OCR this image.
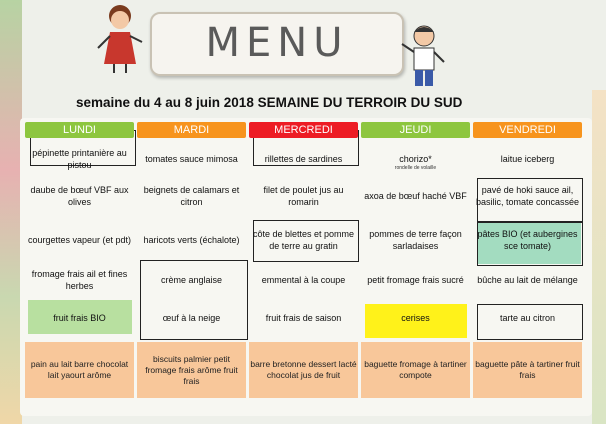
MENU
semaine du 4 au 8 juin 2018 SEMAINE DU TERROIR DU SUD
LUNDI
pépinette printanière au pistou
daube de bœuf VBF aux olives
courgettes vapeur (et pdt)
fromage frais ail et fines herbes
fruit frais BIO
pain au lait barre chocolat lait yaourt arôme
MARDI
tomates sauce mimosa
beignets de calamars et citron
haricots verts (échalote)
crème anglaise
œuf à la neige
biscuits palmier petit fromage frais arôme fruit frais
MERCREDI
rillettes de sardines
filet de poulet jus au romarin
côte de blettes et pomme de terre au gratin
emmental à la coupe
fruit frais de saison
barre bretonne dessert lacté chocolat jus de fruit
JEUDI
chorizo*
axoa de bœuf haché VBF
pommes de terre façon sarladaises
petit fromage frais sucré
cerises
baguette fromage à tartiner compote
VENDREDI
laitue iceberg
pavé de hoki sauce ail, basilic, tomate concassée
pâtes BIO (et aubergines sce tomate)
bûche au lait de mélange
tarte au citron
baguette pâte à tartiner fruit frais
rondelle de volaille
